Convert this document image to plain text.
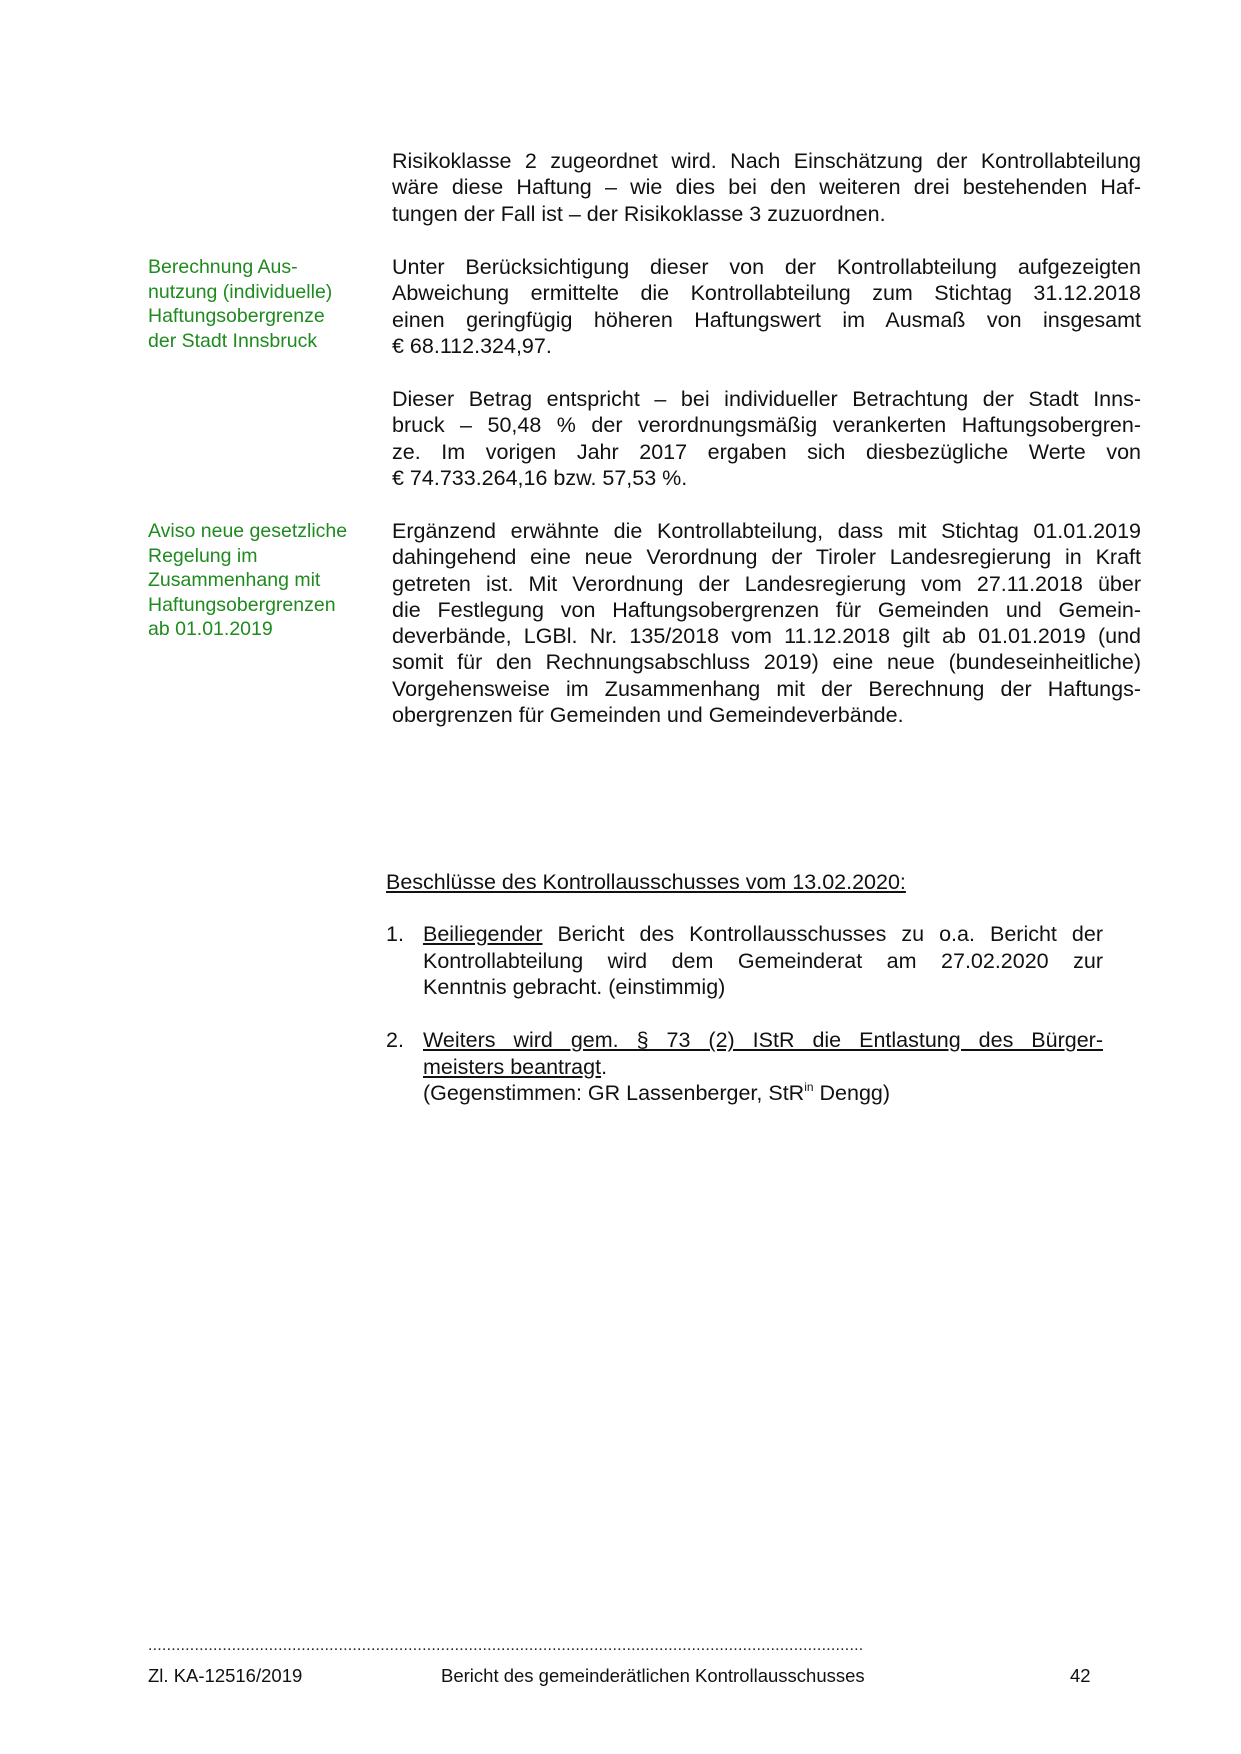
Risikoklasse 2 zugeordnet wird. Nach Einschätzung der Kontrollabteilung
wäre diese Haftung – wie dies bei den weiteren drei bestehenden Haf-
tungen der Fall ist – der Risikoklasse 3 zuzuordnen.
Berechnung Aus-
nutzung (individuelle)
Haftungsobergrenze
der Stadt Innsbruck
Unter Berücksichtigung dieser von der Kontrollabteilung aufgezeigten
Abweichung ermittelte die Kontrollabteilung zum Stichtag 31.12.2018
einen geringfügig höheren Haftungswert im Ausmaß von insgesamt
€ 68.112.324,97.
Dieser Betrag entspricht – bei individueller Betrachtung der Stadt Inns-
bruck – 50,48 % der verordnungsmäßig verankerten Haftungsobergren-
ze. Im vorigen Jahr 2017 ergaben sich diesbezügliche Werte von
€ 74.733.264,16 bzw. 57,53 %.
Aviso neue gesetzliche
Regelung im
Zusammenhang mit
Haftungsobergrenzen
ab 01.01.2019
Ergänzend erwähnte die Kontrollabteilung, dass mit Stichtag 01.01.2019
dahingehend eine neue Verordnung der Tiroler Landesregierung in Kraft
getreten ist. Mit Verordnung der Landesregierung vom 27.11.2018 über
die Festlegung von Haftungsobergrenzen für Gemeinden und Gemein-
deverbände, LGBl. Nr. 135/2018 vom 11.12.2018 gilt ab 01.01.2019 (und
somit für den Rechnungsabschluss 2019) eine neue (bundeseinheitliche)
Vorgehensweise im Zusammenhang mit der Berechnung der Haftungs-
obergrenzen für Gemeinden und Gemeindeverbände.
Beschlüsse des Kontrollausschusses vom 13.02.2020:
1. Beiliegender Bericht des Kontrollausschusses zu o.a. Bericht der
Kontrollabteilung wird dem Gemeinderat am 27.02.2020 zur
Kenntnis gebracht. (einstimmig)
2. Weiters wird gem. § 73 (2) IStR die Entlastung des Bürger-
meisters beantragt.
(Gegenstimmen: GR Lassenberger, StR$^{in}$ Dengg)
..........................................................................................................................................................
Zl. KA-12516/2019	Bericht des gemeinderätlichen Kontrollausschusses	42
